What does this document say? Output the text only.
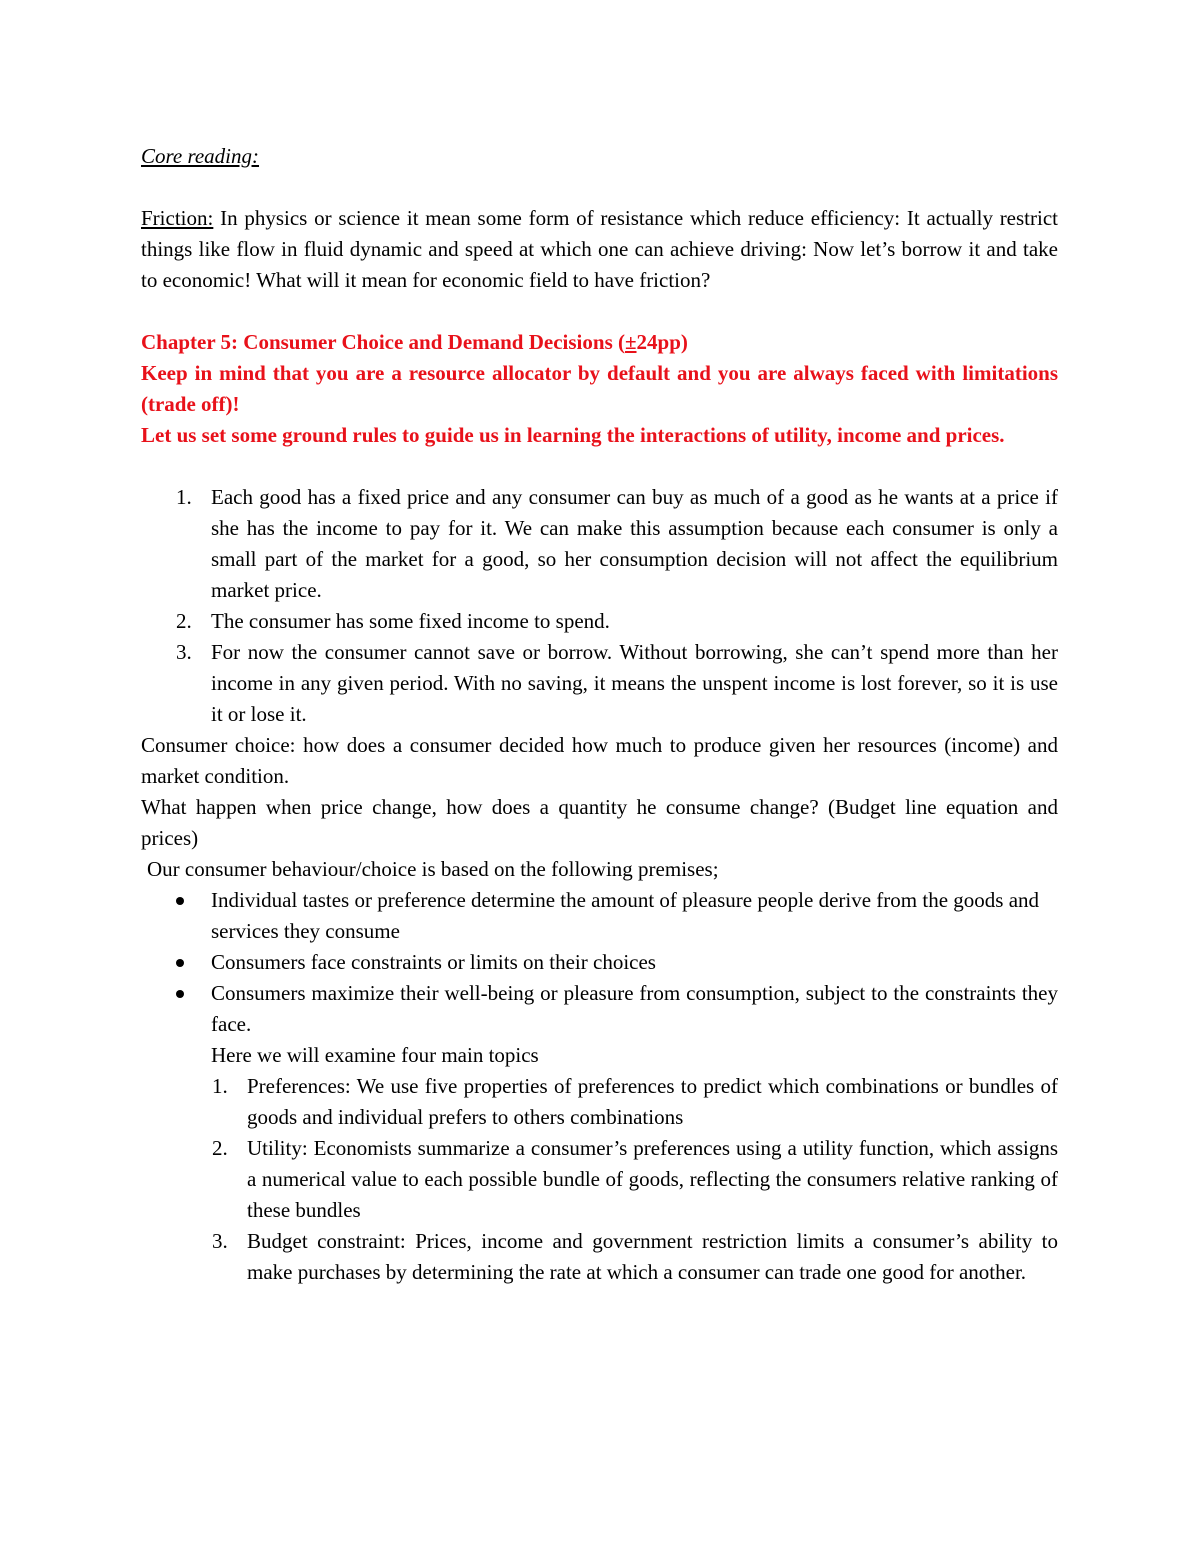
Core reading:

Friction: In physics or science it mean some form of resistance which reduce efficiency: It actually restrict things like flow in fluid dynamic and speed at which one can achieve driving: Now let’s borrow it and take to economic! What will it mean for economic field to have friction?

Chapter 5: Consumer Choice and Demand Decisions (±24pp)

Keep in mind that you are a resource allocator by default and you are always faced with limitations (trade off)!

Let us set some ground rules to guide us in learning the interactions of utility, income and prices.

1. Each good has a fixed price and any consumer can buy as much of a good as he wants at a price if she has the income to pay for it. We can make this assumption because each consumer is only a small part of the market for a good, so her consumption decision will not affect the equilibrium market price.

2. The consumer has some fixed income to spend.

3. For now the consumer cannot save or borrow. Without borrowing, she can’t spend more than her income in any given period. With no saving, it means the unspent income is lost forever, so it is use it or lose it.

Consumer choice: how does a consumer decided how much to produce given her resources (income) and market condition.

What happen when price change, how does a quantity he consume change? (Budget line equation and prices)

Our consumer behaviour/choice is based on the following premises;

Individual tastes or preference determine the amount of pleasure people derive from the goods and services they consume

Consumers face constraints or limits on their choices

Consumers maximize their well-being or pleasure from consumption, subject to the constraints they face.

Here we will examine four main topics

1. Preferences: We use five properties of preferences to predict which combinations or bundles of goods and individual prefers to others combinations

2. Utility: Economists summarize a consumer’s preferences using a utility function, which assigns a numerical value to each possible bundle of goods, reflecting the consumers relative ranking of these bundles

3. Budget constraint: Prices, income and government restriction limits a consumer’s ability to make purchases by determining the rate at which a consumer can trade one good for another.
